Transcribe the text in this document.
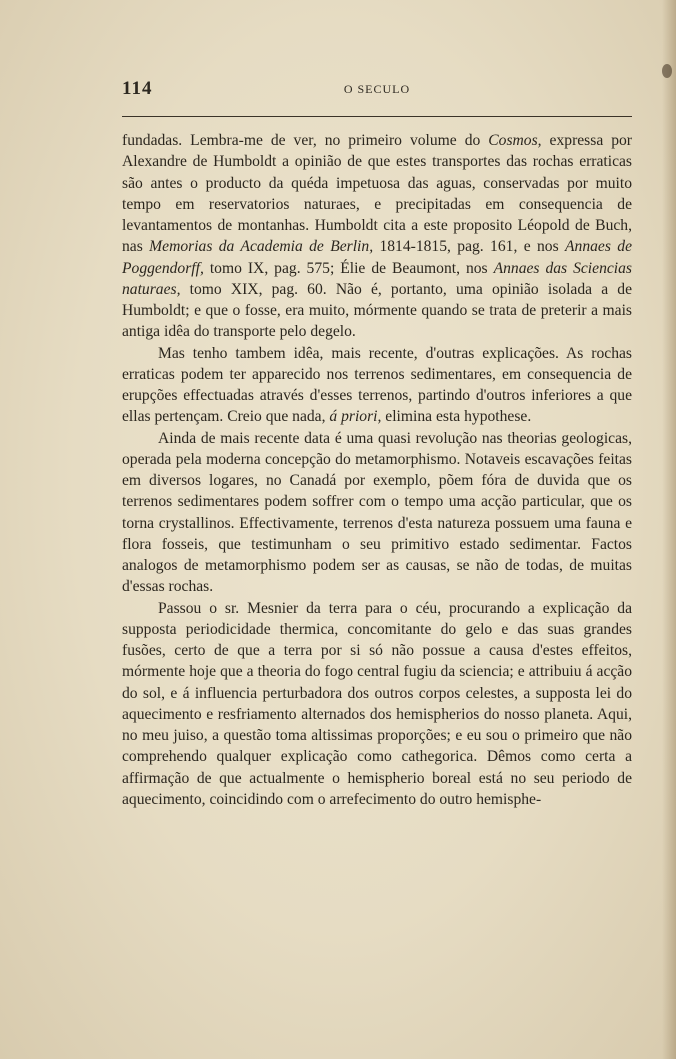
114	O SECULO

fundadas. Lembra-me de ver, no primeiro volume do Cosmos, expressa por Alexandre de Humboldt a opinião de que estes transportes das rochas erraticas são antes o producto da quéda impetuosa das aguas, conservadas por muito tempo em reservatorios naturaes, e precipitadas em consequencia de levantamentos de montanhas. Humboldt cita a este proposito Léopold de Buch, nas Memorias da Academia de Berlin, 1814-1815, pag. 161, e nos Annaes de Poggendorff, tomo IX, pag. 575; Élie de Beaumont, nos Annaes das Sciencias naturaes, tomo XIX, pag. 60. Não é, portanto, uma opinião isolada a de Humboldt; e que o fosse, era muito, mórmente quando se trata de preterir a mais antiga idêa do transporte pelo degelo.

Mas tenho tambem idêa, mais recente, d'outras explicações. As rochas erraticas podem ter apparecido nos terrenos sedimentares, em consequencia de erupções effectuadas através d'esses terrenos, partindo d'outros inferiores a que ellas pertençam. Creio que nada, á priori, elimina esta hypothese.

Ainda de mais recente data é uma quasi revolução nas theorias geologicas, operada pela moderna concepção do metamorphismo. Notaveis escavações feitas em diversos logares, no Canadá por exemplo, põem fóra de duvida que os terrenos sedimentares podem soffrer com o tempo uma acção particular, que os torna crystallinos. Effectivamente, terrenos d'esta natureza possuem uma fauna e flora fosseis, que testimunham o seu primitivo estado sedimentar. Factos analogos de metamorphismo podem ser as causas, se não de todas, de muitas d'essas rochas.

Passou o sr. Mesnier da terra para o céu, procurando a explicação da supposta periodicidade thermica, concomitante do gelo e das suas grandes fusões, certo de que a terra por si só não possue a causa d'estes effeitos, mórmente hoje que a theoria do fogo central fugiu da sciencia; e attribuiu á acção do sol, e á influencia perturbadora dos outros corpos celestes, a supposta lei do aquecimento e resfriamento alternados dos hemispherios do nosso planeta. Aqui, no meu juiso, a questão toma altissimas proporções; e eu sou o primeiro que não comprehendo qualquer explicação como cathegorica. Dêmos como certa a affirmação de que actualmente o hemispherio boreal está no seu periodo de aquecimento, coincidindo com o arrefecimento do outro hemisphe-
